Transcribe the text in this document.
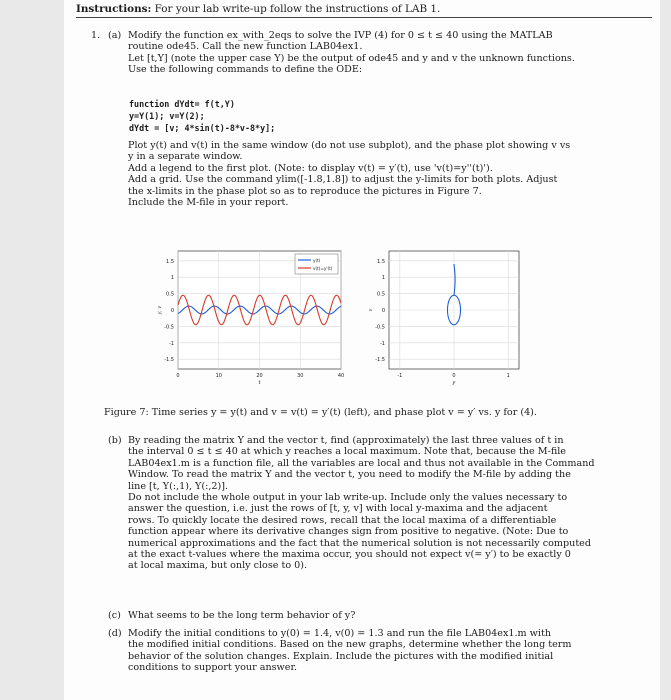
Instructions: For your lab write-up follow the instructions of LAB 1.
1. (a) Modify the function ex_with_2eqs to solve the IVP (4) for 0 ≤ t ≤ 40 using the MATLAB
routine ode45. Call the new function LAB04ex1.
Let [t,Y] (note the upper case Y) be the output of ode45 and y and v the unknown functions.
Use the following commands to define the ODE:
function dYdt= f(t,Y)
y=Y(1); v=Y(2);
dYdt = [v; 4*sin(t)-8*v-8*y];
Plot y(t) and v(t) in the same window (do not use subplot), and the phase plot showing v vs
y in a separate window.
Add a legend to the first plot. (Note: to display v(t) = y′(t), use 'v(t)=y''(t)').
Add a grid. Use the command ylim([-1.8,1.8]) to adjust the y-limits for both plots. Adjust
the x-limits in the phase plot so as to reproduce the pictures in Figure 7.
Include the M-file in your report.
1.5
1
0.5
0
-0.5
-1
-1.5
0	10	20	30	40
t
y, v
y(t)
v(t)=y'(t)
1.5
1
0.5
0
-0.5
-1
-1.5
-1	0	1
y
v
Figure 7: Time series y = y(t) and v = v(t) = y′(t) (left), and phase plot v = y′ vs. y for (4).
(b) By reading the matrix Y and the vector t, find (approximately) the last three values of t in
the interval 0 ≤ t ≤ 40 at which y reaches a local maximum. Note that, because the M-file
LAB04ex1.m is a function file, all the variables are local and thus not available in the Command
Window. To read the matrix Y and the vector t, you need to modify the M-file by adding the
line [t, Y(:,1), Y(:,2)].
Do not include the whole output in your lab write-up. Include only the values necessary to
answer the question, i.e. just the rows of [t, y, v] with local y-maxima and the adjacent
rows. To quickly locate the desired rows, recall that the local maxima of a differentiable
function appear where its derivative changes sign from positive to negative. (Note: Due to
numerical approximations and the fact that the numerical solution is not necessarily computed
at the exact t-values where the maxima occur, you should not expect v(= y′) to be exactly 0
at local maxima, but only close to 0).
(c) What seems to be the long term behavior of y?
(d) Modify the initial conditions to y(0) = 1.4, v(0) = 1.3 and run the file LAB04ex1.m with
the modified initial conditions. Based on the new graphs, determine whether the long term
behavior of the solution changes. Explain. Include the pictures with the modified initial
conditions to support your answer.
